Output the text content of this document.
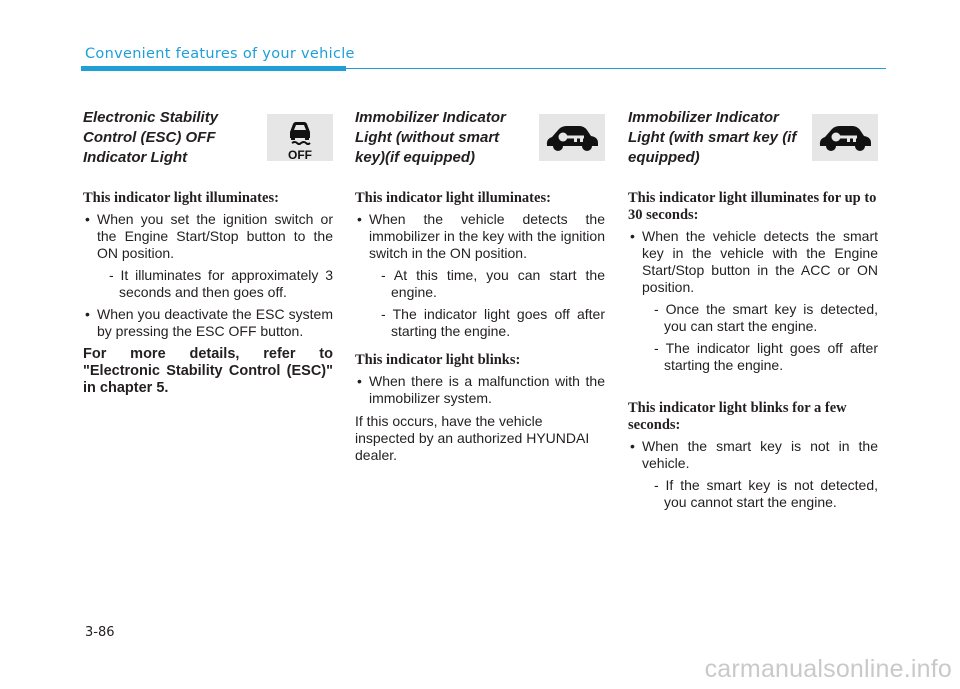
Convenient features of your vehicle
Electronic Stability Control (ESC) OFF Indicator Light	OFF
This indicator light illuminates:
• When you set the ignition switch or the Engine Start/Stop button to the ON position.
- It illuminates for approximately 3 seconds and then goes off.
• When you deactivate the ESC system by pressing the ESC OFF button.

For more details, refer to "Electronic Stability Control (ESC)" in chapter 5.

Immobilizer Indicator Light (without smart key)(if equipped)
This indicator light illuminates:
• When the vehicle detects the immobilizer in the key with the ignition switch in the ON position.
- At this time, you can start the engine.
- The indicator light goes off after starting the engine.
This indicator light blinks:
• When there is a malfunction with the immobilizer system.

If this occurs, have the vehicle inspected by an authorized HYUNDAI dealer.

Immobilizer Indicator Light (with smart key (if equipped)
This indicator light illuminates for up to 30 seconds:
• When the vehicle detects the smart key in the vehicle with the Engine Start/Stop button in the ACC or ON position.
- Once the smart key is detected, you can start the engine.
- The indicator light goes off after starting the engine.
This indicator light blinks for a few seconds:
• When the smart key is not in the vehicle.
- If the smart key is not detected, you cannot start the engine.
3-86
carmanualsonline.info
